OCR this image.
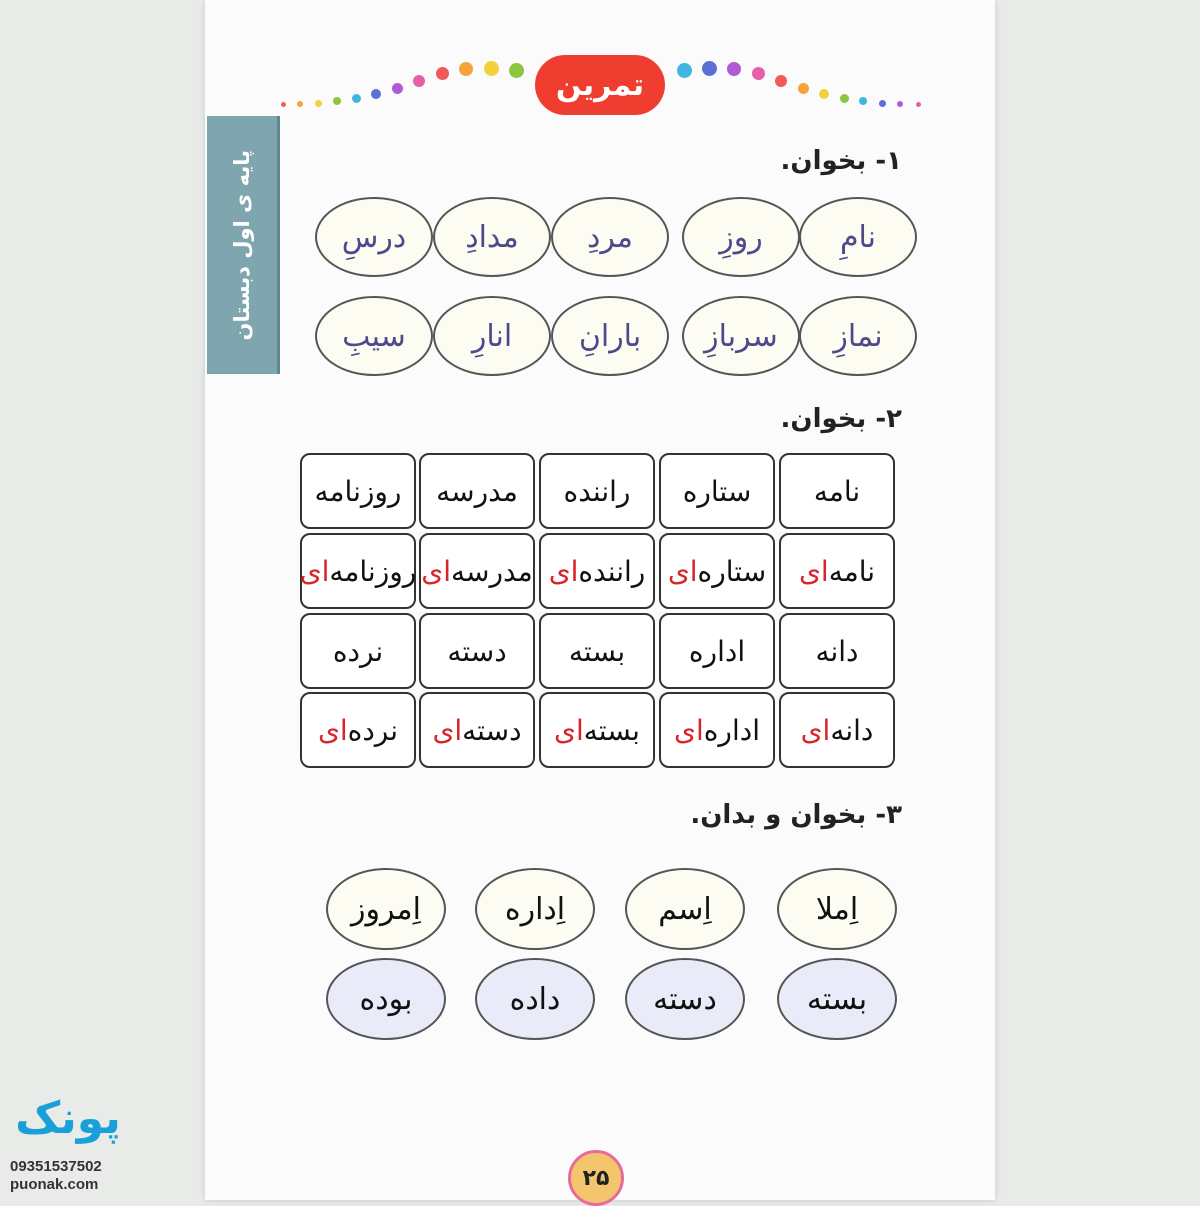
تمرین
پایه ی اول دبستان	۱- بخوان.
نامِ
روزِ
مردِ
مدادِ
درسِ
نمازِ
سربازِ
بارانِ
انارِ
سیبِ
۲- بخوان.
نامه
ستاره
راننده
مدرسه
روزنامه
نامه
ای
ستاره
ای
راننده
ای
مدرسه
ای
روزنامه
ای
دانه
اداره
بسته
دسته
نرده
دانه
ای
اداره
ای
بسته
ای
دسته
ای
نرده
ای
۳- بخوان و بدان.
اِملا
اِسم
اِداره
اِمروز
بسته
دسته
داده
بوده
۲۵
پونک
09351537502
puonak.com
